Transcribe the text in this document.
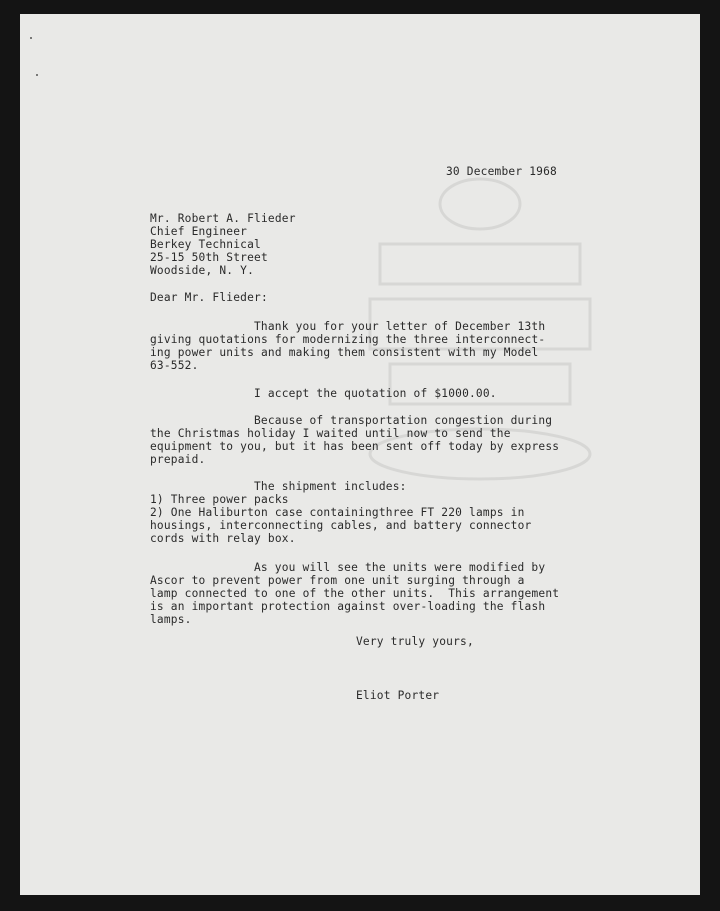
30 December 1968
Mr. Robert A. Flieder
Chief Engineer
Berkey Technical
25-15 50th Street
Woodside, N. Y.
Dear Mr. Flieder:
Thank you for your letter of December 13th
giving quotations for modernizing the three interconnect-
ing power units and making them consistent with my Model
63-552.
I accept the quotation of $1000.00.
Because of transportation congestion during
the Christmas holiday I waited until now to send the
equipment to you, but it has been sent off today by express
prepaid.
The shipment includes:
1) Three power packs
2) One Haliburton case containingthree FT 220 lamps in
housings, interconnecting cables, and battery connector
cords with relay box.
As you will see the units were modified by
Ascor to prevent power from one unit surging through a
lamp connected to one of the other units.  This arrangement
is an important protection against over-loading the flash
lamps.
Very truly yours,
Eliot Porter
